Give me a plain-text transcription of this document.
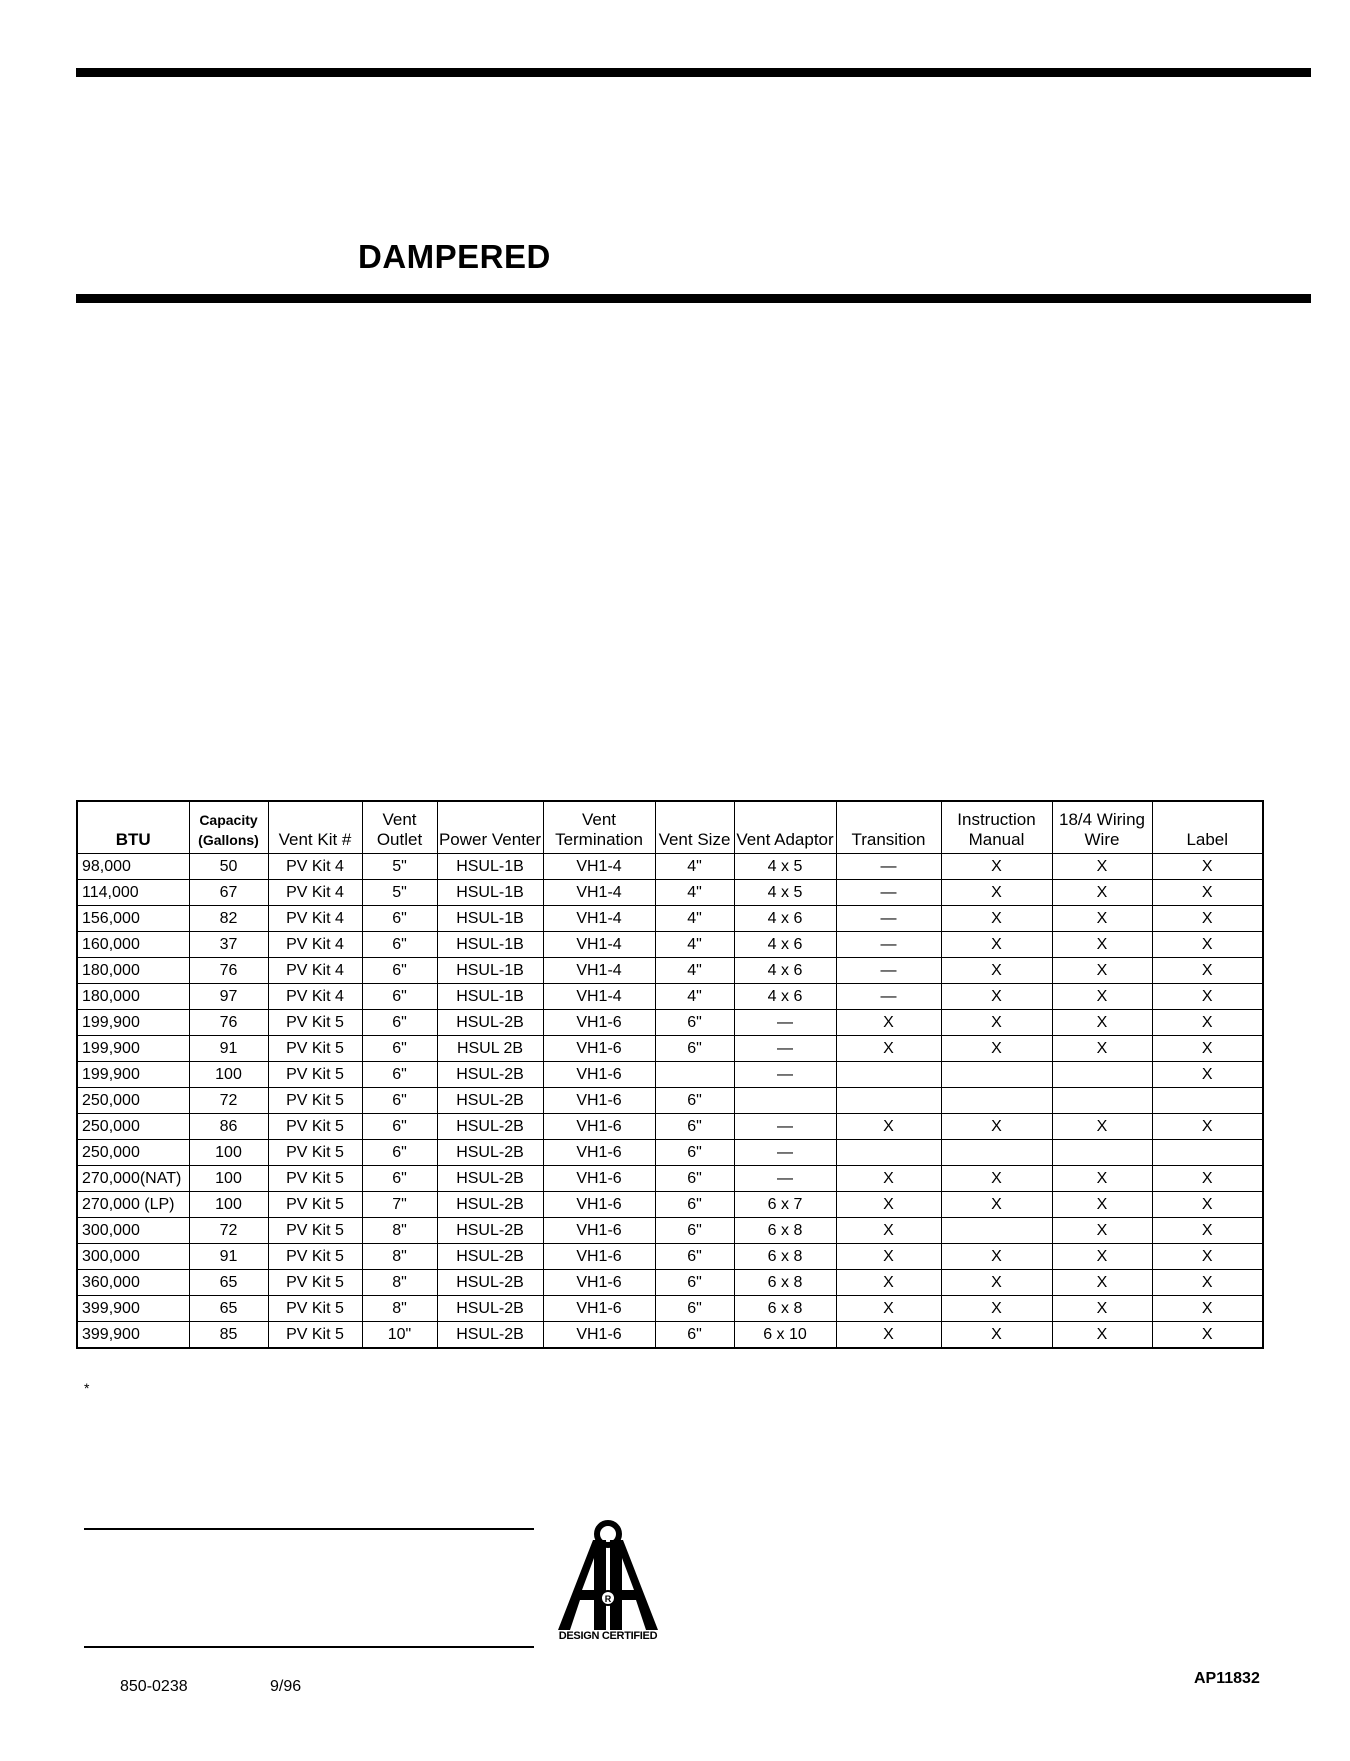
DAMPERED
BTU	Capacity (Gallons)	Vent Kit #	Vent Outlet	Power Venter	Vent Termination	Vent Size	Vent Adaptor	Transition	Instruction Manual	18/4 Wiring Wire	Label
98,000	50	PV Kit 4	5"	HSUL-1B	VH1-4	4"	4 x 5	—	X	X	X
114,000	67	PV Kit 4	5"	HSUL-1B	VH1-4	4"	4 x 5	—	X	X	X
156,000	82	PV Kit 4	6"	HSUL-1B	VH1-4	4"	4 x 6	—	X	X	X
160,000	37	PV Kit 4	6"	HSUL-1B	VH1-4	4"	4 x 6	—	X	X	X
180,000	76	PV Kit 4	6"	HSUL-1B	VH1-4	4"	4 x 6	—	X	X	X
180,000	97	PV Kit 4	6"	HSUL-1B	VH1-4	4"	4 x 6	—	X	X	X
199,900	76	PV Kit 5	6"	HSUL-2B	VH1-6	6"	—	X	X	X	X
199,900	91	PV Kit 5	6"	HSUL 2B	VH1-6	6"	—	X	X	X	X
199,900	100	PV Kit 5	6"	HSUL-2B	VH1-6		—				X
250,000	72	PV Kit 5	6"	HSUL-2B	VH1-6	6"					
250,000	86	PV Kit 5	6"	HSUL-2B	VH1-6	6"	—	X	X	X	X
250,000	100	PV Kit 5	6"	HSUL-2B	VH1-6	6"	—				
270,000(NAT)	100	PV Kit 5	6"	HSUL-2B	VH1-6	6"	—	X	X	X	X
270,000 (LP)	100	PV Kit 5	7"	HSUL-2B	VH1-6	6"	6 x 7	X	X	X	X
300,000	72	PV Kit 5	8"	HSUL-2B	VH1-6	6"	6 x 8	X		X	X
300,000	91	PV Kit 5	8"	HSUL-2B	VH1-6	6"	6 x 8	X	X	X	X
360,000	65	PV Kit 5	8"	HSUL-2B	VH1-6	6"	6 x 8	X	X	X	X
399,900	65	PV Kit 5	8"	HSUL-2B	VH1-6	6"	6 x 8	X	X	X	X
399,900	85	PV Kit 5	10"	HSUL-2B	VH1-6	6"	6 x 10	X	X	X	X
*
R
DESIGN CERTIFIED
850-0238	9/96	AP11832
